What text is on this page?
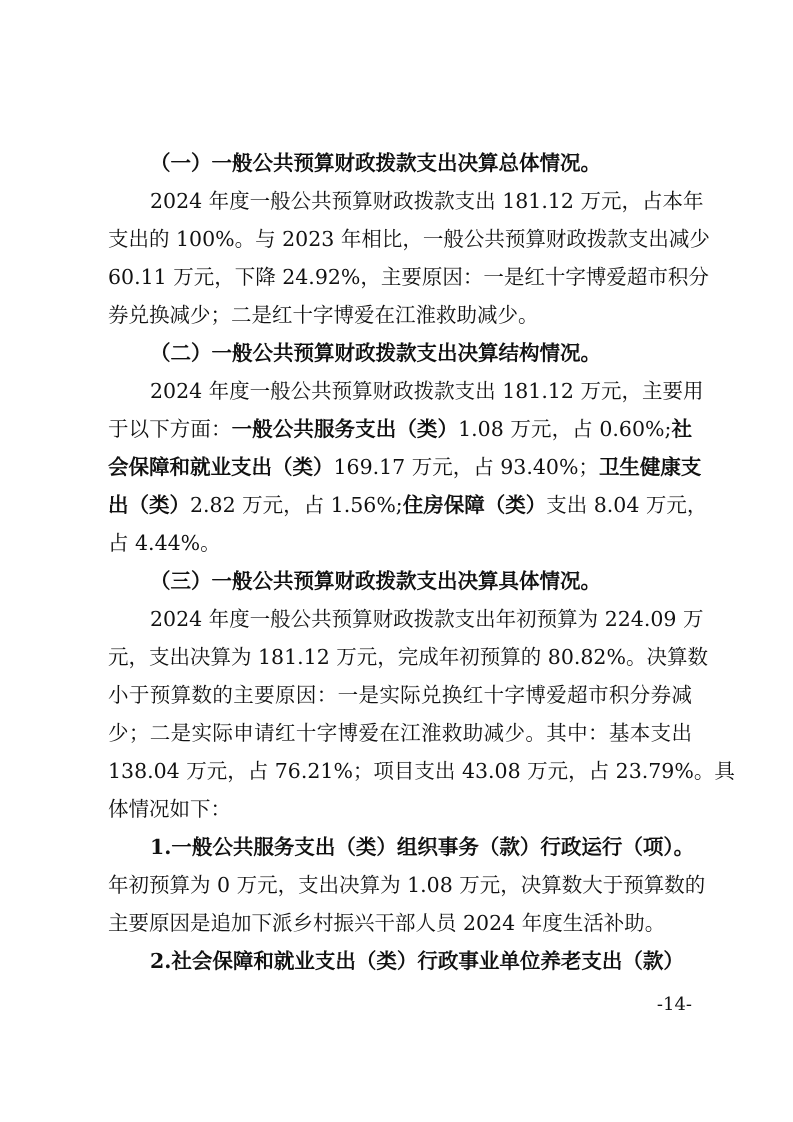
（一）一般公共预算财政拨款支出决算总体情况。
2024 年度一般公共预算财政拨款支出 181.12 万元，占本年
支出的 100%。与 2023 年相比，一般公共预算财政拨款支出减少
60.11 万元，下降 24.92%，主要原因：一是红十字博爱超市积分
券兑换减少；二是红十字博爱在江淮救助减少。
（二）一般公共预算财政拨款支出决算结构情况。
2024 年度一般公共预算财政拨款支出 181.12 万元，主要用
于以下方面：一般公共服务支出（类）1.08 万元，占 0.60%;社
会保障和就业支出（类）169.17 万元，占 93.40%；卫生健康支
出（类）2.82 万元，占 1.56%;住房保障（类）支出 8.04 万元，
占 4.44%。
（三）一般公共预算财政拨款支出决算具体情况。
2024 年度一般公共预算财政拨款支出年初预算为 224.09 万
元，支出决算为 181.12 万元，完成年初预算的 80.82%。决算数
小于预算数的主要原因：一是实际兑换红十字博爱超市积分券减
少；二是实际申请红十字博爱在江淮救助减少。其中：基本支出
138.04 万元，占 76.21%；项目支出 43.08 万元，占 23.79%。具
体情况如下：
1.一般公共服务支出（类）组织事务（款）行政运行（项）。
年初预算为 0 万元，支出决算为 1.08 万元，决算数大于预算数的
主要原因是追加下派乡村振兴干部人员 2024 年度生活补助。
2.社会保障和就业支出（类）行政事业单位养老支出（款）
-14-
